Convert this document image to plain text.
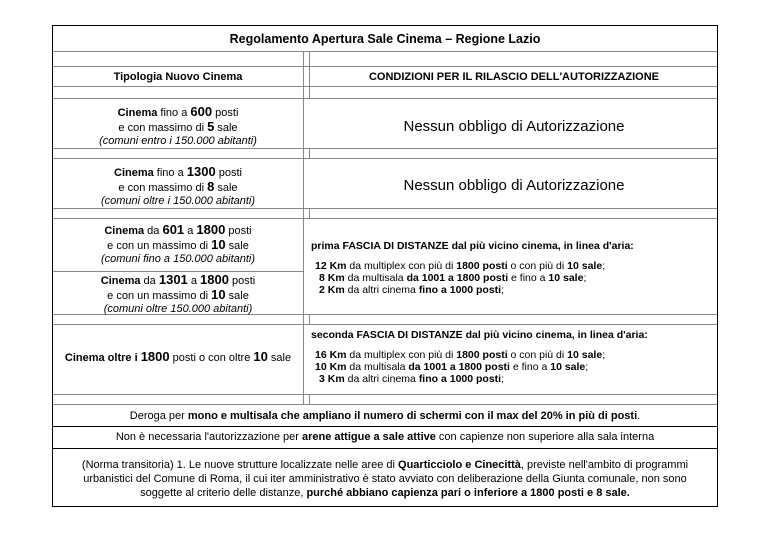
Regolamento Apertura Sale Cinema – Regione Lazio
Tipologia Nuovo Cinema	CONDIZIONI PER IL RILASCIO DELL'AUTORIZZAZIONE
Cinema fino a 600 posti
e con massimo di 5 sale
(comuni entro i 150.000 abitanti)
Nessun obbligo di Autorizzazione
Cinema fino a 1300 posti
e con massimo di 8 sale
(comuni oltre i 150.000 abitanti)
Nessun obbligo di Autorizzazione
Cinema da 601 a 1800 posti
e con un massimo di 10 sale
(comuni fino a 150.000 abitanti)
Cinema da 1301 a 1800 posti
e con un massimo di 10 sale
(comuni oltre 150.000 abitanti)
prima FASCIA DI DISTANZE dal più vicino cinema, in linea d'aria:
12 Km da multiplex con più di 1800 posti o con più di 10 sale;
8 Km da multisala da 1001 a 1800 posti e fino a 10 sale;
2 Km da altri cinema fino a 1000 posti;
Cinema oltre i 1800 posti o con oltre 10 sale
seconda FASCIA DI DISTANZE dal più vicino cinema, in linea d'aria:
16 Km da multiplex con più di 1800 posti o con più di 10 sale;
10 Km da multisala da 1001 a 1800 posti e fino a 10 sale;
3 Km da altri cinema fino a 1000 posti;
Deroga per mono e multisala che ampliano il numero di schermi con il max del 20% in più di posti.
Non è necessaria l'autorizzazione per arene attigue a sale attive con capienze non superiore alla sala interna
(Norma transitoria) 1. Le nuove strutture localizzate nelle aree di Quarticciolo e Cinecittà, previste nell'ambito di programmi urbanistici del Comune di Roma, il cui iter amministrativo è stato avviato con deliberazione della Giunta comunale, non sono soggette al criterio delle distanze, purché abbiano capienza pari o inferiore a 1800 posti e 8 sale.
